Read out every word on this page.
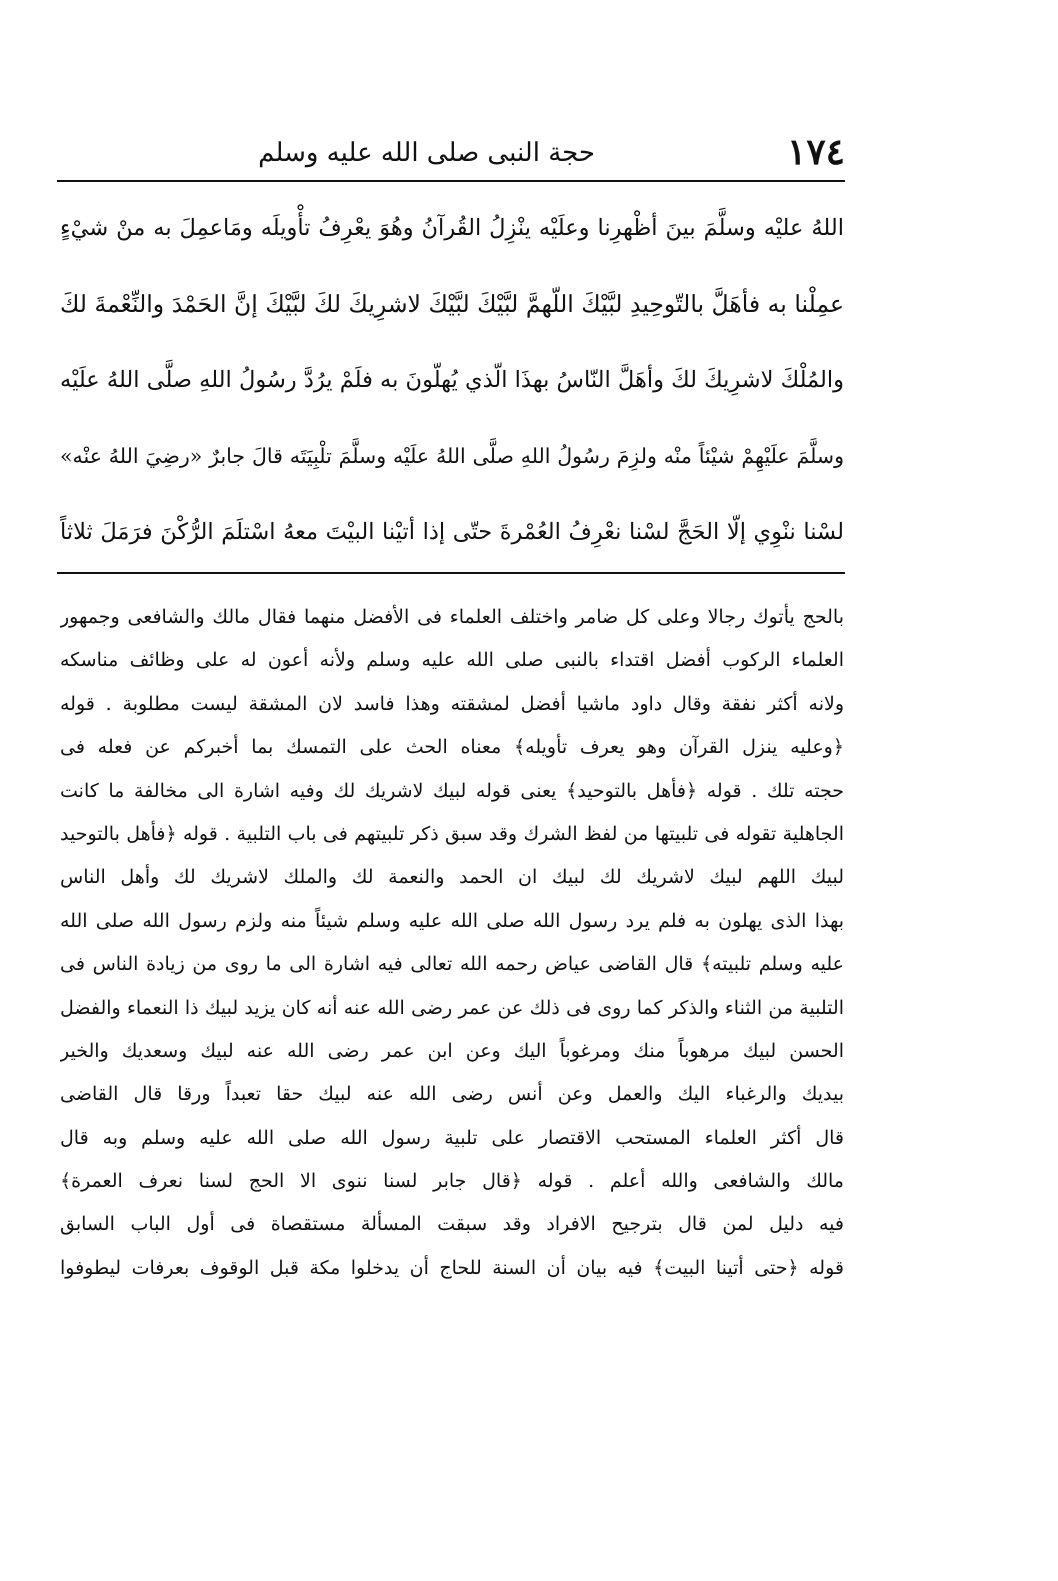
١٧٤
حجة النبى صلى الله عليه وسلم
اللهُ عليْه وسلَّمَ بينَ أظْهرِنا وعلَيْه ينْزِلُ القُرآنُ وهُوَ يعْرِفُ تأْويلَه ومَاعمِلَ به منْ شيْءٍ
عمِلْنا به فأهَلَّ بالتّوحِيدِ لبَّيْكَ اللّهمَّ لبَّيْكَ لبَّيْكَ لاشرِيكَ لكَ لبَّيْكَ إنَّ الحَمْدَ والنِّعْمةَ لكَ
والمُلْكَ لاشرِيكَ لكَ وأهَلَّ النّاسُ بهذَا الّذي يُهلّونَ به فلَمْ يرُدَّ رسُولُ اللهِ صلَّى اللهُ علَيْه
وسلَّمَ علَيْهِمْ شيْئاً منْه ولزِمَ رسُولُ اللهِ صلَّى اللهُ علَيْه وسلَّمَ تلْبِيَتَه قالَ جابرٌ «رضِيَ اللهُ عنْه»
لسْنا ننْوِي إلّا الحَجَّ لسْنا نعْرِفُ العُمْرةَ حتّى إذا أتيْنا البيْتَ معهُ اسْتلَمَ الرُّكْنَ فرَمَلَ ثلاثاً
بالحج يأتوك رجالا وعلى كل ضامر واختلف العلماء فى الأفضل منهما فقال مالك والشافعى وجمهور
العلماء الركوب أفضل اقتداء بالنبى صلى الله عليه وسلم ولأنه أعون له على وظائف مناسكه
ولانه أكثر نفقة وقال داود ماشيا أفضل لمشقته وهذا فاسد لان المشقة ليست مطلوبة . قوله
﴿وعليه ينزل القرآن وهو يعرف تأويله﴾ معناه الحث على التمسك بما أخبركم عن فعله فى
حجته تلك . قوله ﴿فأهل بالتوحيد﴾ يعنى قوله لبيك لاشريك لك وفيه اشارة الى مخالفة ما كانت
الجاهلية تقوله فى تلبيتها من لفظ الشرك وقد سبق ذكر تلبيتهم فى باب التلبية . قوله ﴿فأهل بالتوحيد
لبيك اللهم لبيك لاشريك لك لبيك ان الحمد والنعمة لك والملك لاشريك لك وأهل الناس
بهذا الذى يهلون به فلم يرد رسول الله صلى الله عليه وسلم شيئاً منه ولزم رسول الله صلى الله
عليه وسلم تلبيته﴾ قال القاضى عياض رحمه الله تعالى فيه اشارة الى ما روى من زيادة الناس فى
التلبية من الثناء والذكر كما روى فى ذلك عن عمر رضى الله عنه أنه كان يزيد لبيك ذا النعماء والفضل
الحسن لبيك مرهوباً منك ومرغوباً اليك وعن ابن عمر رضى الله عنه لبيك وسعديك والخير
بيديك والرغباء اليك والعمل وعن أنس رضى الله عنه لبيك حقا تعبداً ورقا قال القاضى
قال أكثر العلماء المستحب الاقتصار على تلبية رسول الله صلى الله عليه وسلم وبه قال
مالك والشافعى والله أعلم . قوله ﴿قال جابر لسنا ننوى الا الحج لسنا نعرف العمرة﴾
فيه دليل لمن قال بترجيح الافراد وقد سبقت المسألة مستقصاة فى أول الباب السابق
قوله ﴿حتى أتينا البيت﴾ فيه بيان أن السنة للحاج أن يدخلوا مكة قبل الوقوف بعرفات ليطوفوا
